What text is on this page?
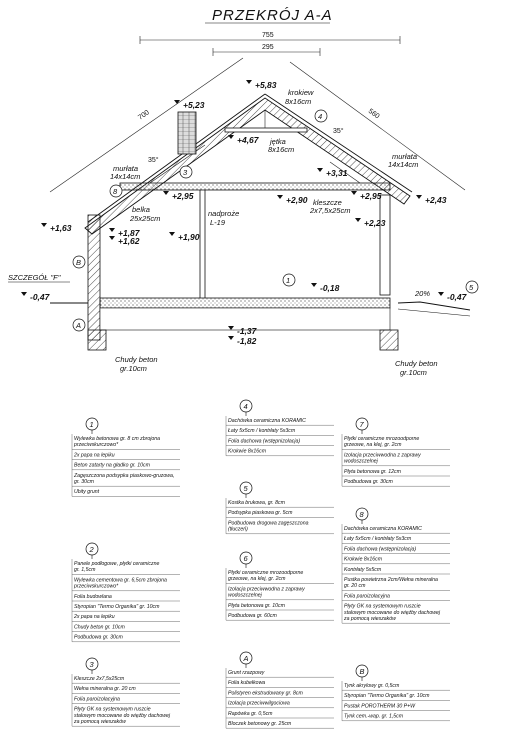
PRZEKRÓJ A-A
755
295
700	560
+5,83
+5,23
+4,67
+3,31
+2,95	+2,95
+2,90	+2,43
+2,23
+1,90
+1,87
+1,62
+1,63
-0,18
-0,47	-0,47
-1,37
-1,82
krokiew
8x16cm
jętka
8x16cm
murłata
14x14cm
murłata
14x14cm
belka
25x25cm
nadproże
L-19
kleszcze
2x7,5x25cm
SZCZEGÓŁ "F"
Chudy beton
gr.10cm
Chudy beton
gr.10cm
20%
35°
35°
1
3
4
5
8
A
B
1
Wylewka betonowa gr. 8 cm zbrojona
przeciwskurczowo*
2x papa na lepiku
Beton zatarty na gładko gr. 10cm
Zagęszczona podsypka piaskowo-gruzowa,
gr. 30cm
Ubity grunt
2
Panele podłogowe, płytki ceramiczne
gr. 1,5cm
Wylewka cementowa gr. 6,5cm zbrojona
przeciwskurczowo*
Folia budowlana
Styropian "Termo Organika" gr. 10cm
2x papa na lepiku
Chudy beton gr. 10cm
Podbudowa gr. 30cm
3
Kleszcze 2x7,5x25cm
Wełna mineralna gr. 20 cm
Folia paroizolacyjna
Płyty GK na systemowym ruszcie
stalowym mocowane do więźby dachowej
za pomocą wieszaków
4
Dachówka ceramiczna KORAMIC
Łaty 5x5cm / kontrłaty 5x3cm
Folia dachowa (wstępnizolacja)
Krokwie 8x16cm
5
Kostka brukowa, gr. 8cm
Podsypka piaskowa gr. 5cm
Podbudowa drogowa zagęszczona
(tłuczeń)
6
Płytki ceramiczne mrozoodporne
grzeowe, na klej, gr. 2cm
Izolacja przeciwwodna z zaprawy
wodoszczelnej
Płyta betonowa gr. 10cm
Podbudowa gr. 60cm
A
Grunt rzazpowy
Folia kubełkowa
Polistyren ekstrudowany gr. 8cm
Izolacja przeciwwilgociowa
Rapówka gr. 0,5cm
Bloczek betonowy gr. 25cm
7
Płytki ceramiczne mrozoodporne
grzeowe, na klej, gr. 2cm
Izolacja przeciwwodna z zaprawy
wodoszczelnej
Płyta betonowa gr. 12cm
Podbudowa gr. 30cm
8
Dachówka ceramiczna KORAMIC
Łaty 5x5cm / kontrłaty 5x3cm
Folia dachowa (wstępnizolacja)
Krokwie 8x16cm
Kontrłaty 5x5cm
Pustka powietrzna 2cm/Wełna mineralna
gr. 20 cm
Folia paroizolacyjna
Płyty GK na systemowym ruszcie
stalowym mocowane do więźby dachowej
za pomocą wieszaków
B
Tynk akrylowy gr. 0,5cm
Styropian "Termo Organika" gr. 10cm
Pustak POROTHERM 30 P+W
Tynk cem.-wap. gr. 1,5cm
